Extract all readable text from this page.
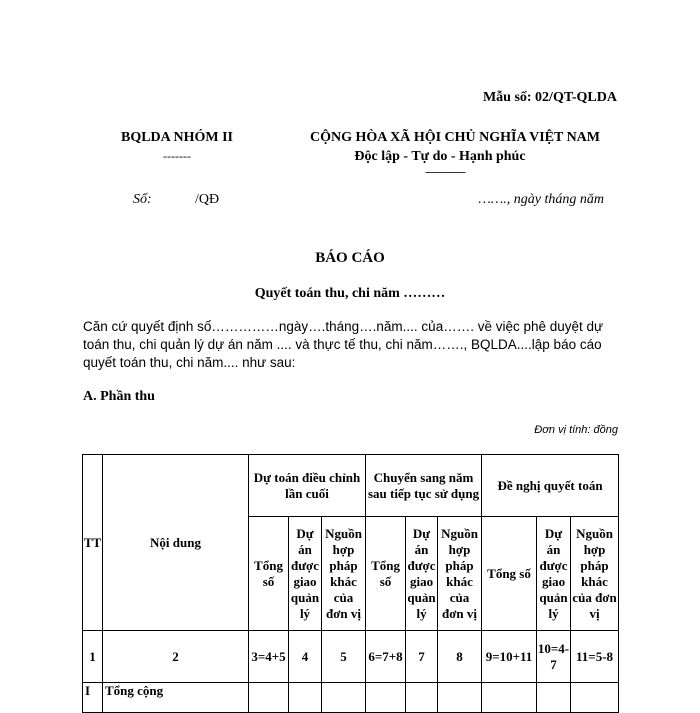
Mẫu số: 02/QT-QLDA
BQLDA NHÓM II
-------
CỘNG HÒA XÃ HỘI CHỦ NGHĨA VIỆT NAM
Độc lập - Tự do - Hạnh phúc
---------------
Số:	/QĐ	……., ngày tháng năm
BÁO CÁO
Quyết toán thu, chi năm ………

Căn cứ quyết định số……………ngày….tháng….năm.... của……. về việc phê duyệt dự toán thu, chi quản lý dự án năm .... và thực tế thu, chi năm……., BQLDA....lập báo cáo quyết toán thu, chi năm.... như sau:

A. Phần thu
Đơn vị tính: đồng
TT	Nội dung	Dự toán điều chỉnh lần cuối			Chuyển sang năm sau tiếp tục sử dụng			Đề nghị quyết toán		
		Tổng số	Dự án được giao quản lý	Nguồn hợp pháp khác của đơn vị	Tổng số	Dự án được giao quản lý	Nguồn hợp pháp khác của đơn vị	Tổng số	Dự án được giao quản lý	Nguồn hợp pháp khác của đơn vị
1	2	3=4+5	4	5	6=7+8	7	8	9=10+11	10=4-7	11=5-8
I	Tổng cộng									
